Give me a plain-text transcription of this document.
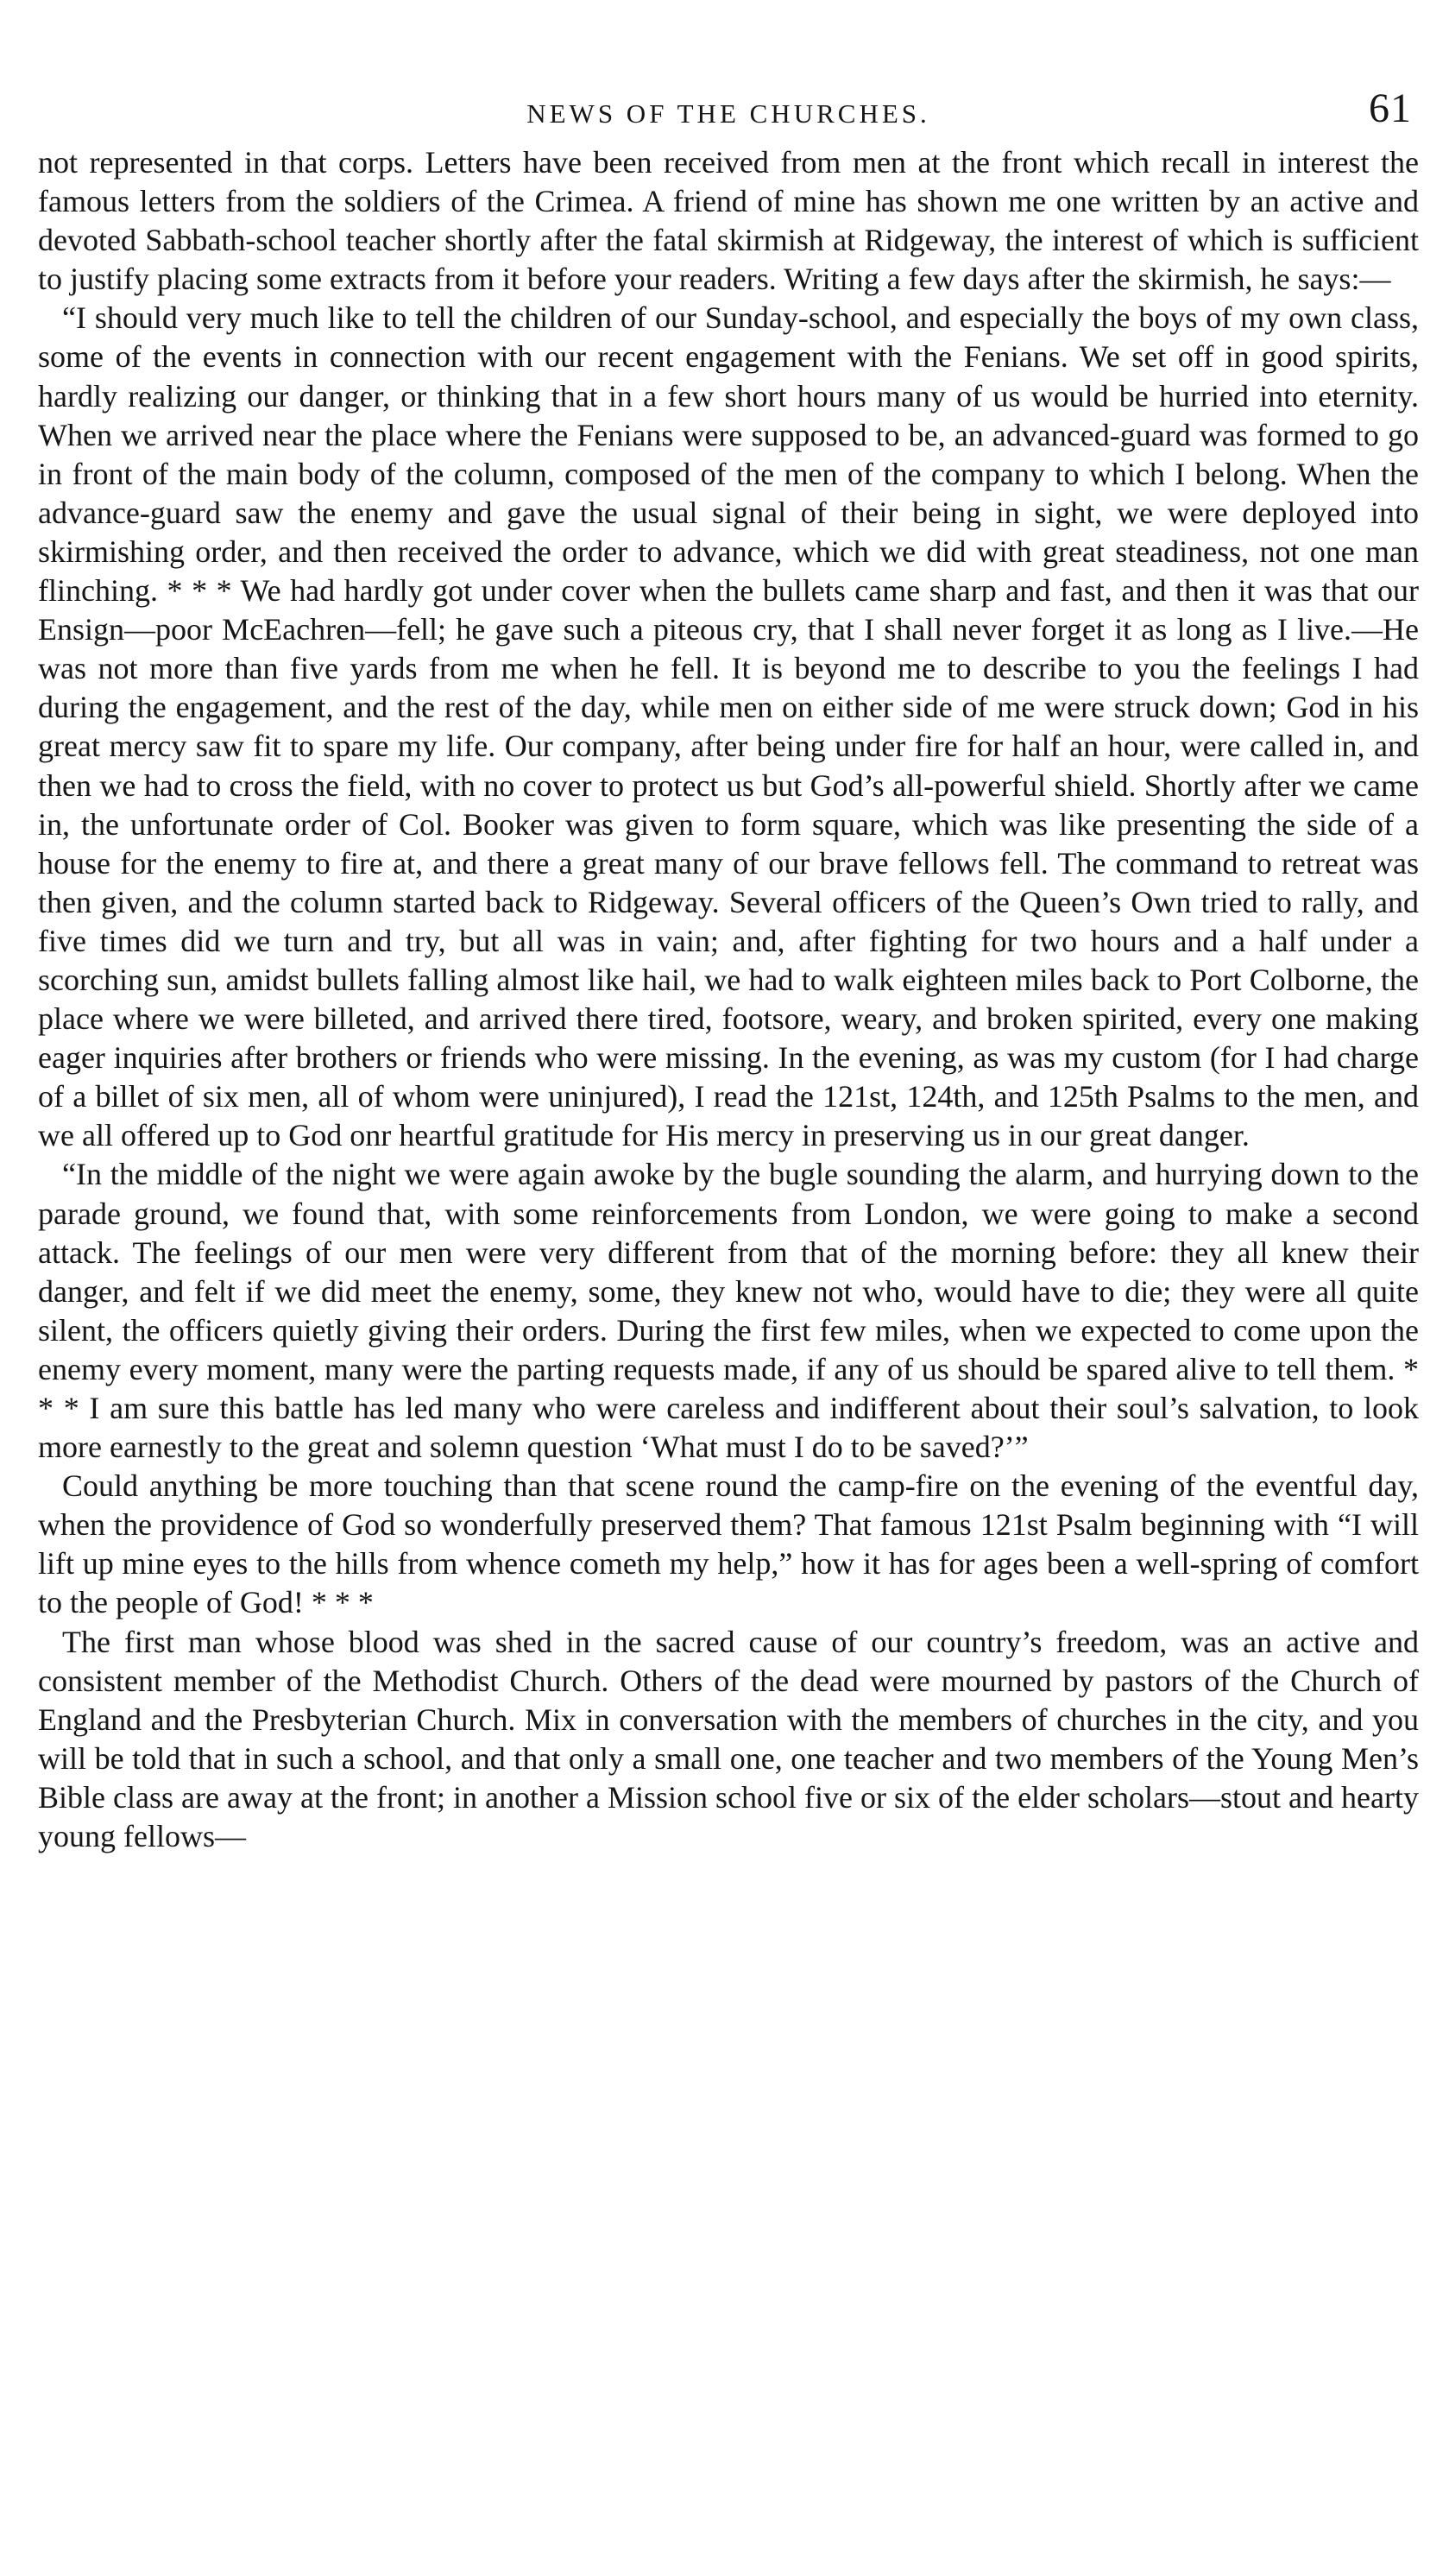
NEWS OF THE CHURCHES.	61

not represented in that corps. Letters have been received from men at the front which recall in interest the famous letters from the soldiers of the Crimea. A friend of mine has shown me one written by an active and devoted Sabbath-school teacher shortly after the fatal skirmish at Ridgeway, the interest of which is sufficient to justify placing some extracts from it before your readers. Writing a few days after the skirmish, he says:—

“I should very much like to tell the children of our Sunday-school, and especially the boys of my own class, some of the events in connection with our recent engagement with the Fenians. We set off in good spirits, hardly realizing our danger, or thinking that in a few short hours many of us would be hurried into eternity. When we arrived near the place where the Fenians were supposed to be, an advanced-guard was formed to go in front of the main body of the column, composed of the men of the company to which I belong. When the advance-guard saw the enemy and gave the usual signal of their being in sight, we were deployed into skirmishing order, and then received the order to advance, which we did with great steadiness, not one man flinching. * * * We had hardly got under cover when the bullets came sharp and fast, and then it was that our Ensign—poor McEachren—fell; he gave such a piteous cry, that I shall never forget it as long as I live.—He was not more than five yards from me when he fell. It is beyond me to describe to you the feelings I had during the engagement, and the rest of the day, while men on either side of me were struck down; God in his great mercy saw fit to spare my life. Our company, after being under fire for half an hour, were called in, and then we had to cross the field, with no cover to protect us but God’s all-powerful shield. Shortly after we came in, the unfortunate order of Col. Booker was given to form square, which was like presenting the side of a house for the enemy to fire at, and there a great many of our brave fellows fell. The command to retreat was then given, and the column started back to Ridgeway. Several officers of the Queen’s Own tried to rally, and five times did we turn and try, but all was in vain; and, after fighting for two hours and a half under a scorching sun, amidst bullets falling almost like hail, we had to walk eighteen miles back to Port Colborne, the place where we were billeted, and arrived there tired, footsore, weary, and broken spirited, every one making eager inquiries after brothers or friends who were missing. In the evening, as was my custom (for I had charge of a billet of six men, all of whom were uninjured), I read the 121st, 124th, and 125th Psalms to the men, and we all offered up to God onr heartful gratitude for His mercy in preserving us in our great danger.

“In the middle of the night we were again awoke by the bugle sounding the alarm, and hurrying down to the parade ground, we found that, with some reinforcements from London, we were going to make a second attack. The feelings of our men were very different from that of the morning before: they all knew their danger, and felt if we did meet the enemy, some, they knew not who, would have to die; they were all quite silent, the officers quietly giving their orders. During the first few miles, when we expected to come upon the enemy every moment, many were the parting requests made, if any of us should be spared alive to tell them. * * * I am sure this battle has led many who were careless and indifferent about their soul’s salvation, to look more earnestly to the great and solemn question ‘What must I do to be saved?’”

Could anything be more touching than that scene round the camp-fire on the evening of the eventful day, when the providence of God so wonderfully preserved them? That famous 121st Psalm beginning with “I will lift up mine eyes to the hills from whence cometh my help,” how it has for ages been a well-spring of comfort to the people of God! * * *

The first man whose blood was shed in the sacred cause of our country’s freedom, was an active and consistent member of the Methodist Church. Others of the dead were mourned by pastors of the Church of England and the Presbyterian Church. Mix in conversation with the members of churches in the city, and you will be told that in such a school, and that only a small one, one teacher and two members of the Young Men’s Bible class are away at the front; in another a Mission school five or six of the elder scholars—stout and hearty young fellows—
